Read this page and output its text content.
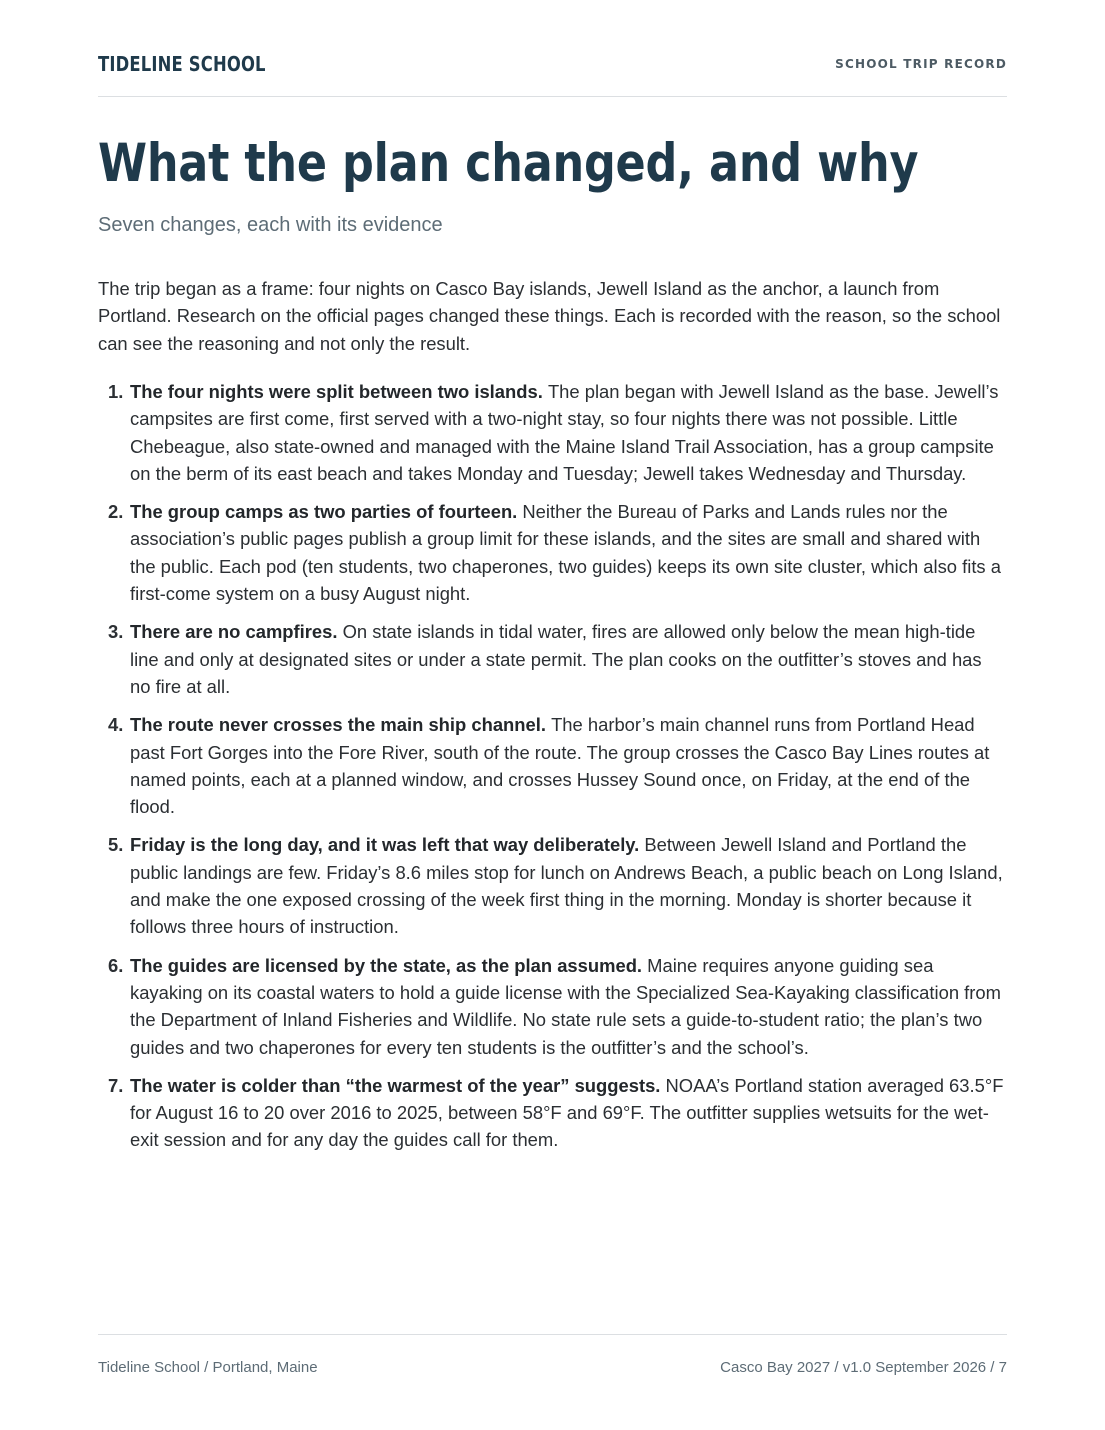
TIDELINE SCHOOL	SCHOOL TRIP RECORD
What the plan changed, and why
Seven changes, each with its evidence

The trip began as a frame: four nights on Casco Bay islands, Jewell Island as the anchor, a launch from Portland. Research on the official pages changed these things. Each is recorded with the reason, so the school can see the reasoning and not only the result.

1. The four nights were split between two islands. The plan began with Jewell Island as the base. Jewell’s campsites are first come, first served with a two-night stay, so four nights there was not possible. Little Chebeague, also state-owned and managed with the Maine Island Trail Association, has a group campsite on the berm of its east beach and takes Monday and Tuesday; Jewell takes Wednesday and Thursday.
2. The group camps as two parties of fourteen. Neither the Bureau of Parks and Lands rules nor the association’s public pages publish a group limit for these islands, and the sites are small and shared with the public. Each pod (ten students, two chaperones, two guides) keeps its own site cluster, which also fits a first-come system on a busy August night.
3. There are no campfires. On state islands in tidal water, fires are allowed only below the mean high-tide line and only at designated sites or under a state permit. The plan cooks on the outfitter’s stoves and has no fire at all.
4. The route never crosses the main ship channel. The harbor’s main channel runs from Portland Head past Fort Gorges into the Fore River, south of the route. The group crosses the Casco Bay Lines routes at named points, each at a planned window, and crosses Hussey Sound once, on Friday, at the end of the flood.
5. Friday is the long day, and it was left that way deliberately. Between Jewell Island and Portland the public landings are few. Friday’s 8.6 miles stop for lunch on Andrews Beach, a public beach on Long Island, and make the one exposed crossing of the week first thing in the morning. Monday is shorter because it follows three hours of instruction.
6. The guides are licensed by the state, as the plan assumed. Maine requires anyone guiding sea kayaking on its coastal waters to hold a guide license with the Specialized Sea-Kayaking classification from the Department of Inland Fisheries and Wildlife. No state rule sets a guide-to-student ratio; the plan’s two guides and two chaperones for every ten students is the outfitter’s and the school’s.
7. The water is colder than “the warmest of the year” suggests. NOAA’s Portland station averaged 63.5°F for August 16 to 20 over 2016 to 2025, between 58°F and 69°F. The outfitter supplies wetsuits for the wet-exit session and for any day the guides call for them.
Tideline School / Portland, Maine	Casco Bay 2027 / v1.0 September 2026 / 7
